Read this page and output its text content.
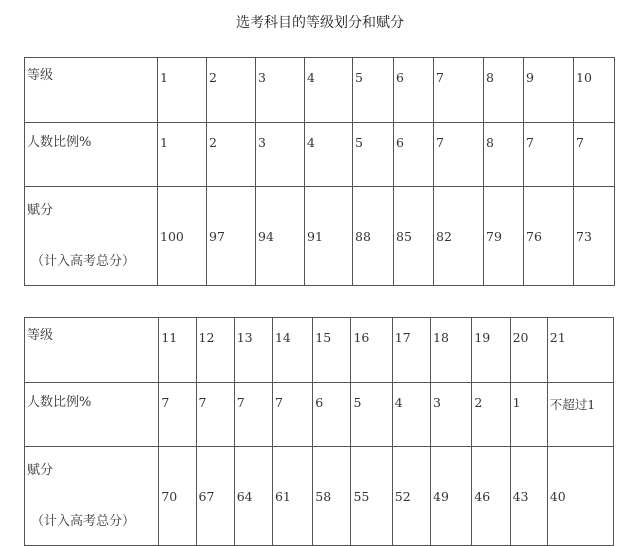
选考科目的等级划分和赋分
等级	1	2	3	4	5	6	7	8	9	10
人数比例%	1	2	3	4	5	6	7	8	7	7

赋分
（计入高考总分）	100	97	94	91	88	85	82	79	76	73
等级	11	12	13	14	15	16	17	18	19	20	21
人数比例%	7	7	7	7	6	5	4	3	2	1	不超过1

赋分
（计入高考总分）	70	67	64	61	58	55	52	49	46	43	40
